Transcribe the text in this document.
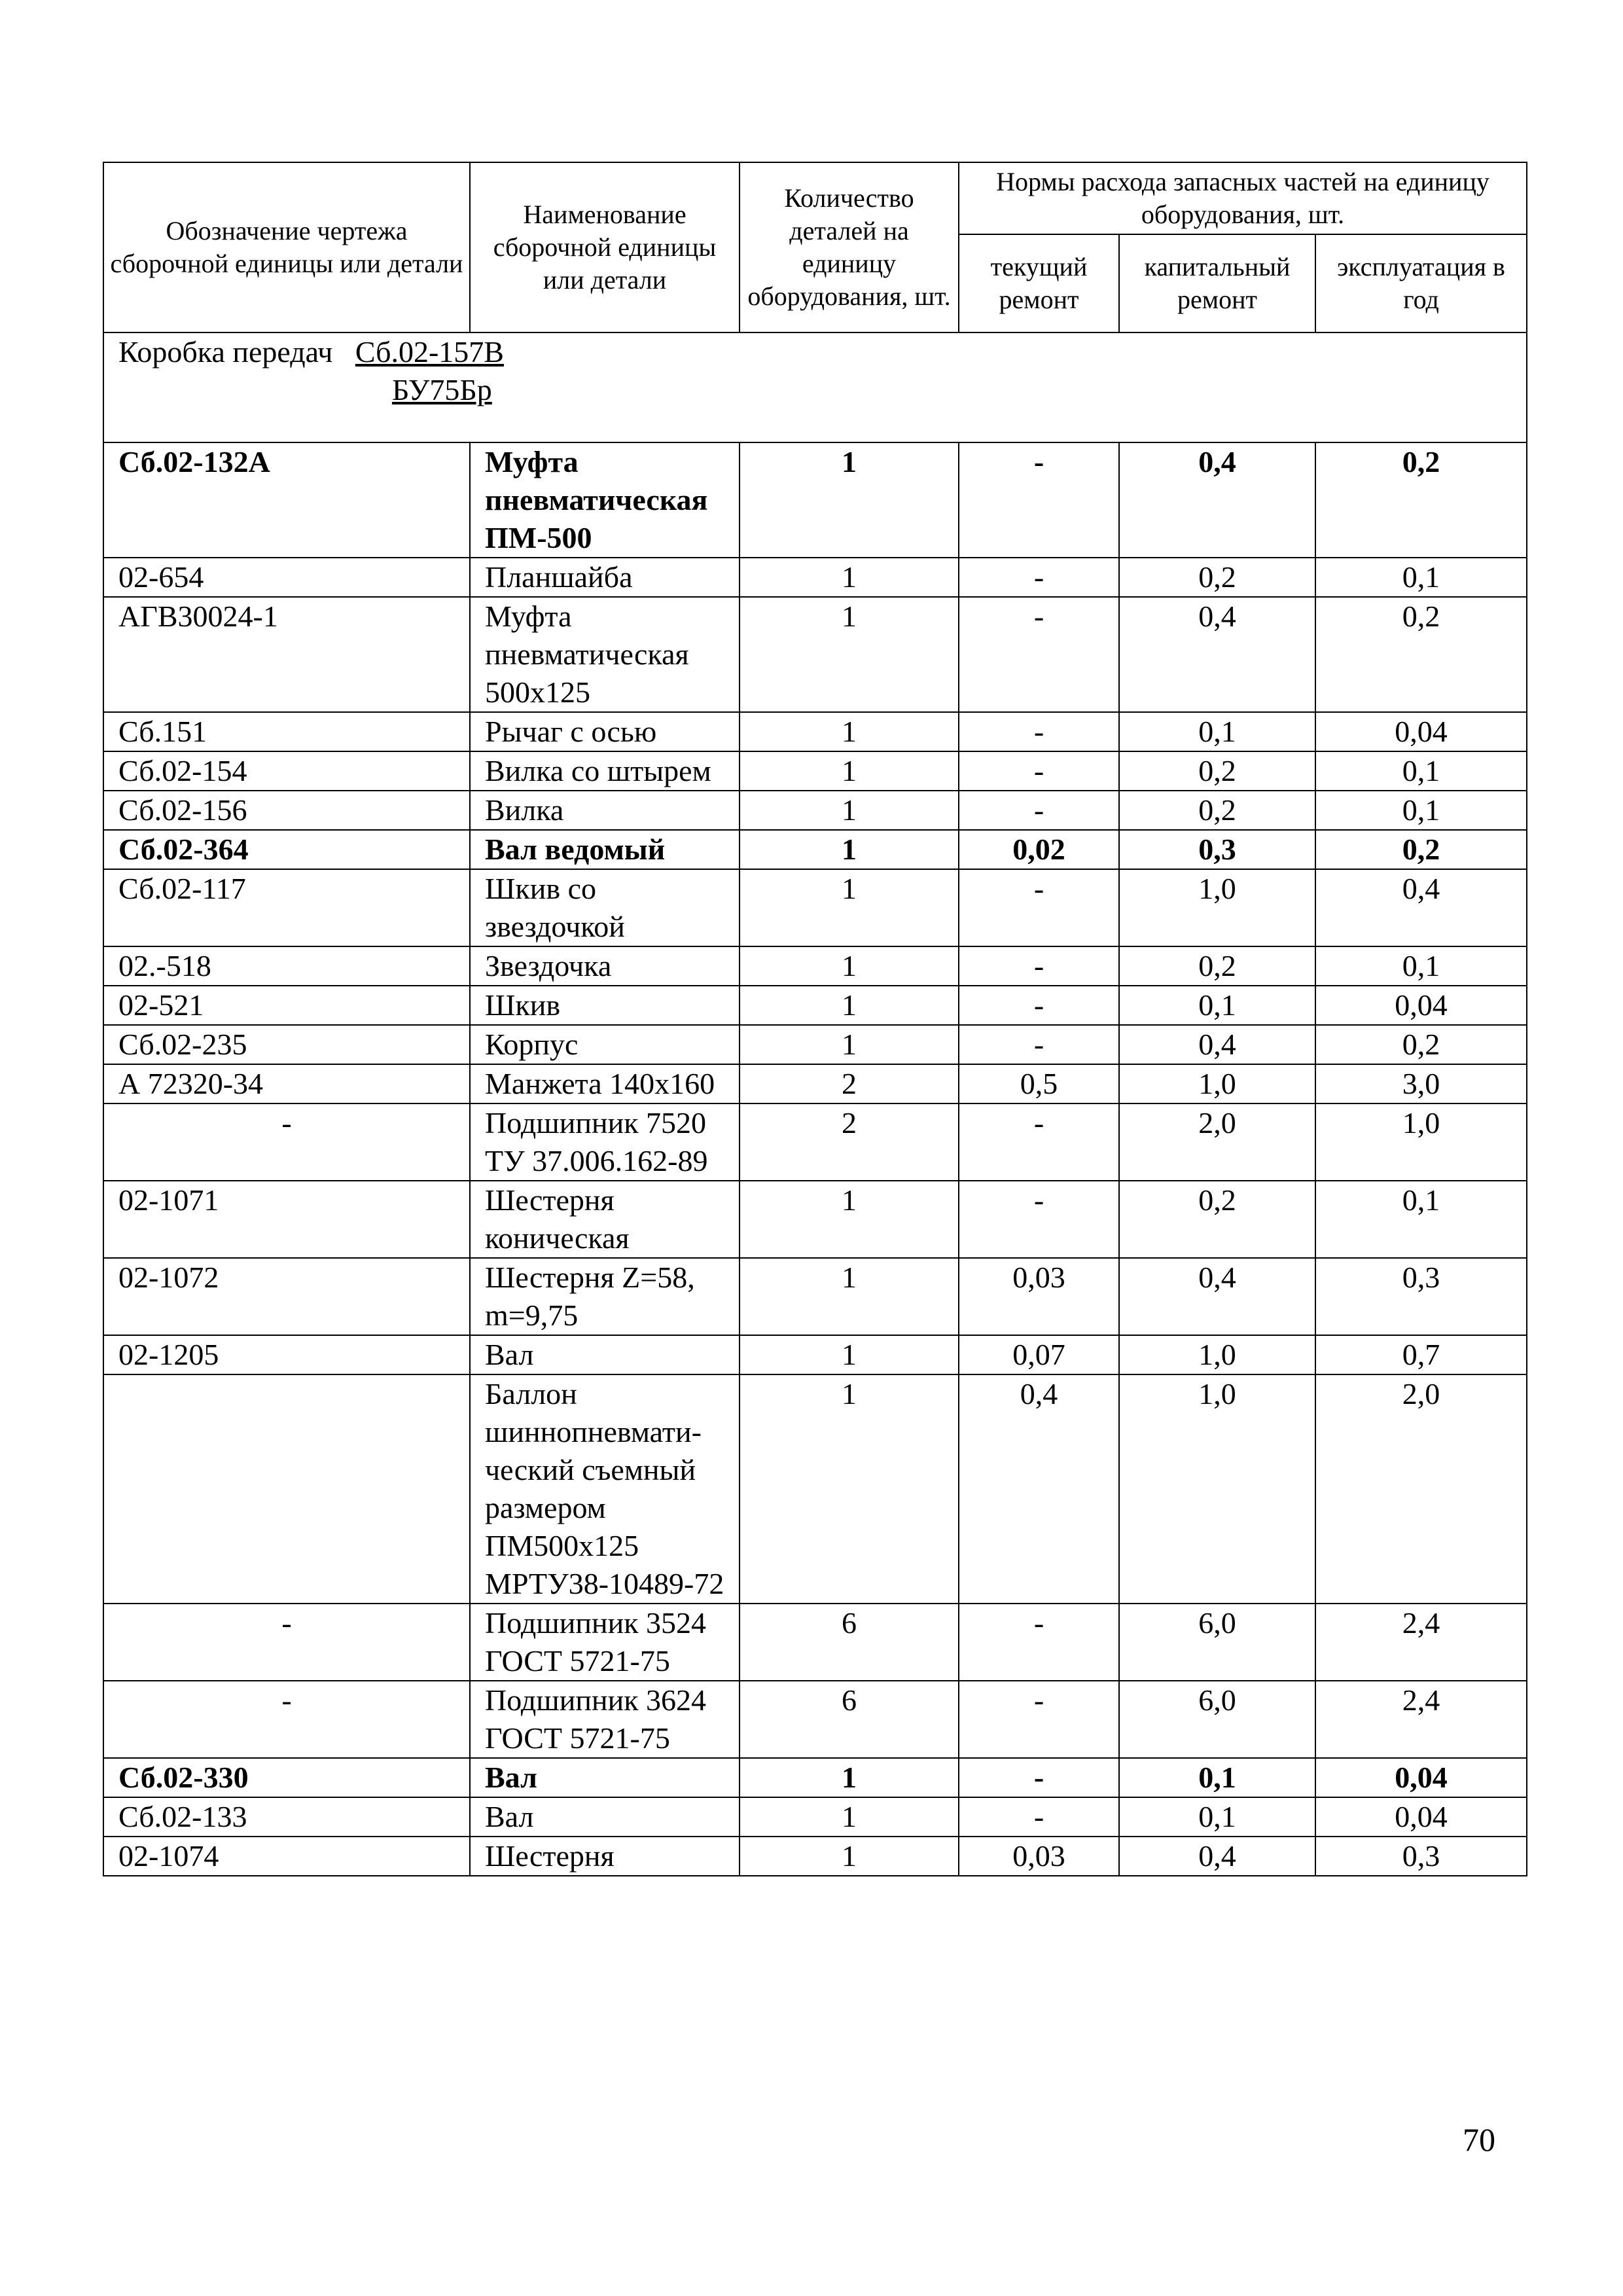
Обозначение чертежа сборочной единицы или детали	Наименование сборочной единицы или детали	Количество деталей на единицу оборудования, шт.	Нормы расхода запасных частей на единицу оборудования, шт.		
			текущий ремонт	капитальный ремонт	эксплуатация в год

Коробка передач Сб.02-157В
БУ75Бр					

Сб.02-132А	Муфта пневматическая ПМ-500	1	-	0,4	0,2
02-654	Планшайба	1	-	0,2	0,1
АГВ30024-1	Муфта пневматическая 500х125	1	-	0,4	0,2
Сб.151	Рычаг с осью	1	-	0,1	0,04
Сб.02-154	Вилка со штырем	1	-	0,2	0,1
Сб.02-156	Вилка	1	-	0,2	0,1
Сб.02-364	Вал ведомый	1	0,02	0,3	0,2
Сб.02-117	Шкив со звездочкой	1	-	1,0	0,4
02.-518	Звездочка	1	-	0,2	0,1
02-521	Шкив	1	-	0,1	0,04
Сб.02-235	Корпус	1	-	0,4	0,2
А 72320-34	Манжета 140х160	2	0,5	1,0	3,0
-	Подшипник 7520 ТУ 37.006.162-89	2	-	2,0	1,0
02-1071	Шестерня коническая	1	-	0,2	0,1
02-1072	Шестерня Z=58, m=9,75	1	0,03	0,4	0,3
02-1205	Вал	1	0,07	1,0	0,7
	Баллон шиннопневмати-ческий съемный размером ПМ500х125 МРТУ38-10489-72	1	0,4	1,0	2,0
-	Подшипник 3524 ГОСТ 5721-75	6	-	6,0	2,4
-	Подшипник 3624 ГОСТ 5721-75	6	-	6,0	2,4
Сб.02-330	Вал	1	-	0,1	0,04
Сб.02-133	Вал	1	-	0,1	0,04
02-1074	Шестерня	1	0,03	0,4	0,3
70
